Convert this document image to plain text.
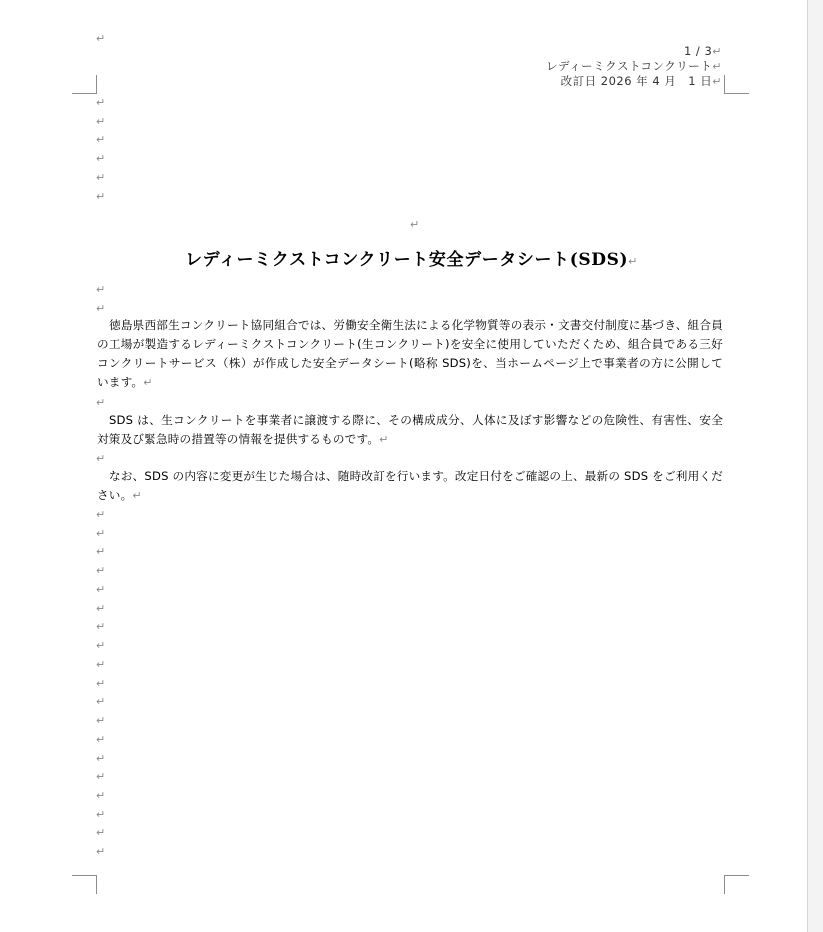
1 / 3↵
レディーミクストコンクリート↵
改訂日 2026 年 4 月　1 日↵
レディーミクストコンクリート安全データシート(SDS)↵
徳島県西部生コンクリート協同組合では、労働安全衛生法による化学物質等の表示・文書交付制度に基づき、組合員の工場が製造するレディーミクストコンクリート(生コンクリート)を安全に使用していただくため、組合員である三好コンクリートサービス（株）が作成した安全データシート(略称 SDS)を、当ホームページ上で事業者の方に公開しています。↵
SDS は、生コンクリートを事業者に譲渡する際に、その構成成分、人体に及ぼす影響などの危険性、有害性、安全対策及び緊急時の措置等の情報を提供するものです。↵
なお、SDS の内容に変更が生じた場合は、随時改訂を行います。改定日付をご確認の上、最新の SDS をご利用ください。↵
↵
↵
↵
↵
↵
↵
↵
↵
↵
↵
↵
↵
↵
↵
↵
↵
↵
↵
↵
↵
↵
↵
↵
↵
↵
↵
↵
↵
↵
↵
↵
